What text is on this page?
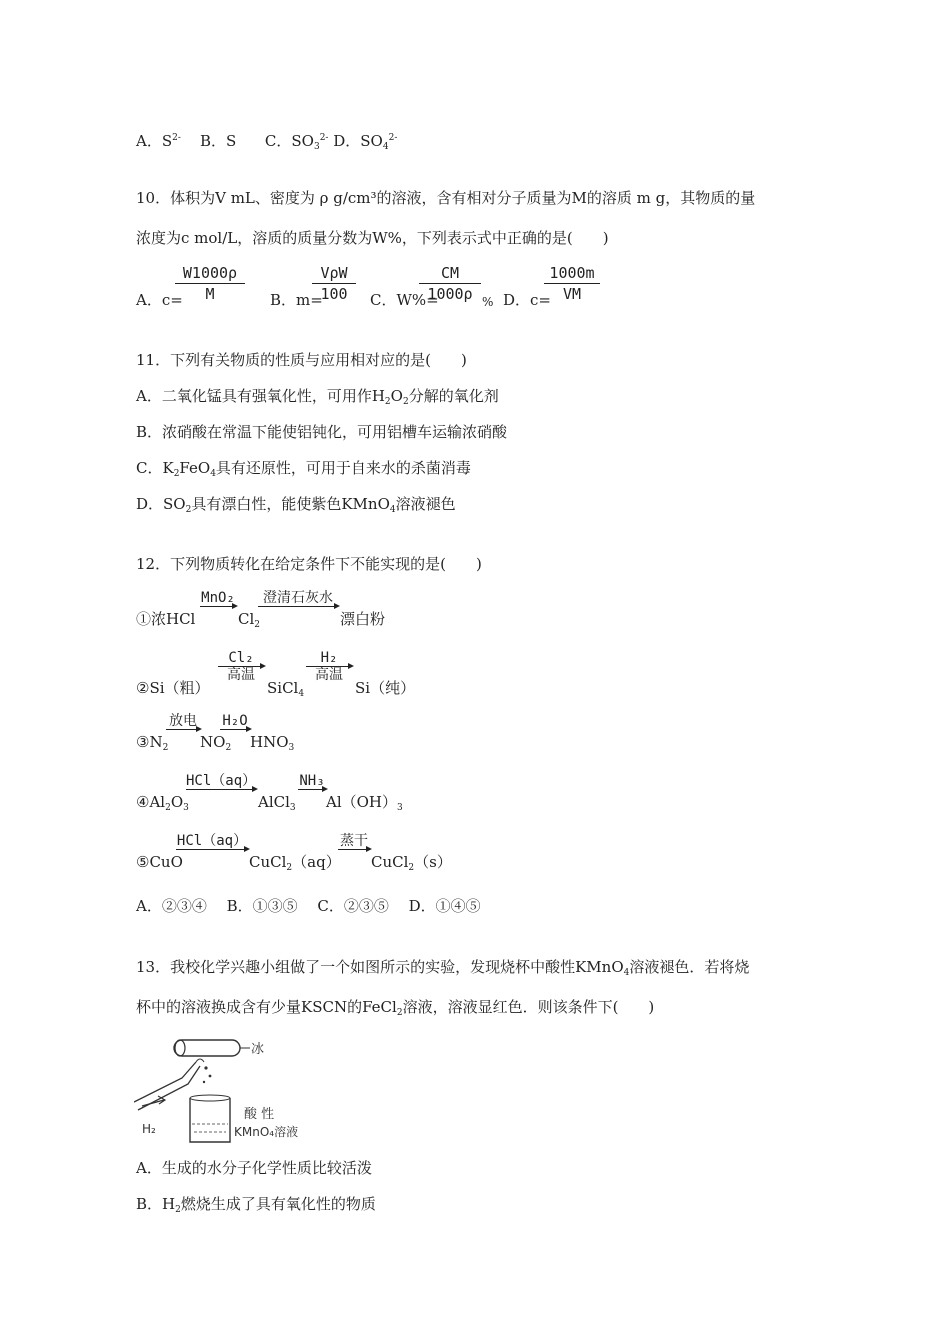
A．$S^{2-}$ B．S C．$SO_3^{2-}$ D．$SO_4^{2-}$
10．体积为V mL、密度为 ρ g/cm³的溶液，含有相对分子质量为M的溶质 m g，其物质的量
浓度为c mol/L，溶质的质量分数为W%，下列表示式中正确的是(　　)
A．c=
$\frac{W1000\rho}{M}$ B．m=
VρW
100	C．W%=
$\frac{CM}{1000\rho}$ % D．c=
$\frac{1000m}{VM}$
11．下列有关物质的性质与应用相对应的是(　　)
A．二氧化锰具有强氧化性，可用作$H_2O_2$分解的氧化剂
B．浓硝酸在常温下能使铝钝化，可用铝槽车运输浓硝酸
C．$K_2FeO_4$具有还原性，可用于自来水的杀菌消毒
D．$SO_2$具有漂白性，能使紫色KMnO$_4$溶液褪色
12．下列物质转化在给定条件下不能实现的是(　　)
①浓HCl
MnO₂
$Cl_2$
澄清石灰水
漂白粉
②Si（粗）
Cl₂
高温
SiCl$_4$
H₂
高温
Si（纯）
$③N_2$
放电
$NO_2$
H₂O
$HNO_3$
$④Al_2O_3$
HCl（aq）
AlCl$_3$
NH₃
$Al(OH)_3$
⑤CuO
HCl（aq）
CuCl$_2$（aq）
蒸干
CuCl$_2$（s）
A．②③④　 B．①③⑤　 C．②③⑤　 D．①④⑤
13．我校化学兴趣小组做了一个如图所示的实验，发现烧杯中酸性KMnO$_4$溶液褪色．若将烧
杯中的溶液换成含有少量KSCN的FeCl$_2$溶液，溶液显红色．则该条件下(　　)
冰
H₂
酸 性
KMnO₄溶液
A．生成的水分子化学性质比较活泼
B．$H_2$燃烧生成了具有氧化性的物质
